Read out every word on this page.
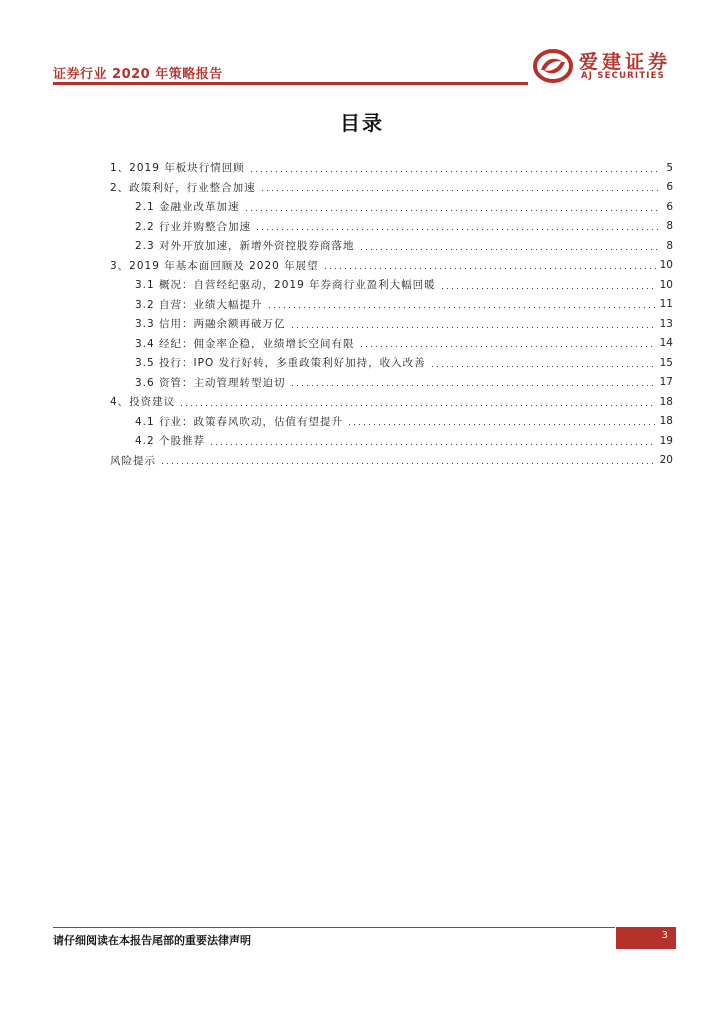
证券行业 2020 年策略报告
爱建证券
AJ SECURITIES
目录
1、2019 年板块行情回顾	5
2、政策利好，行业整合加速	6
2.1 金融业改革加速	6
2.2 行业并购整合加速	8
2.3 对外开放加速，新增外资控股券商落地	8
3、2019 年基本面回顾及 2020 年展望	10
3.1 概况：自营经纪驱动，2019 年券商行业盈利大幅回暖	10
3.2 自营：业绩大幅提升	11
3.3 信用：两融余额再破万亿	13
3.4 经纪：佣金率企稳，业绩增长空间有限	14
3.5 投行：IPO 发行好转，多重政策利好加持，收入改善	15
3.6 资管：主动管理转型迫切	17
4、投资建议	18
4.1 行业：政策春风吹动，估值有望提升	18
4.2 个股推荐	19
风险提示	20
请仔细阅读在本报告尾部的重要法律声明	3
